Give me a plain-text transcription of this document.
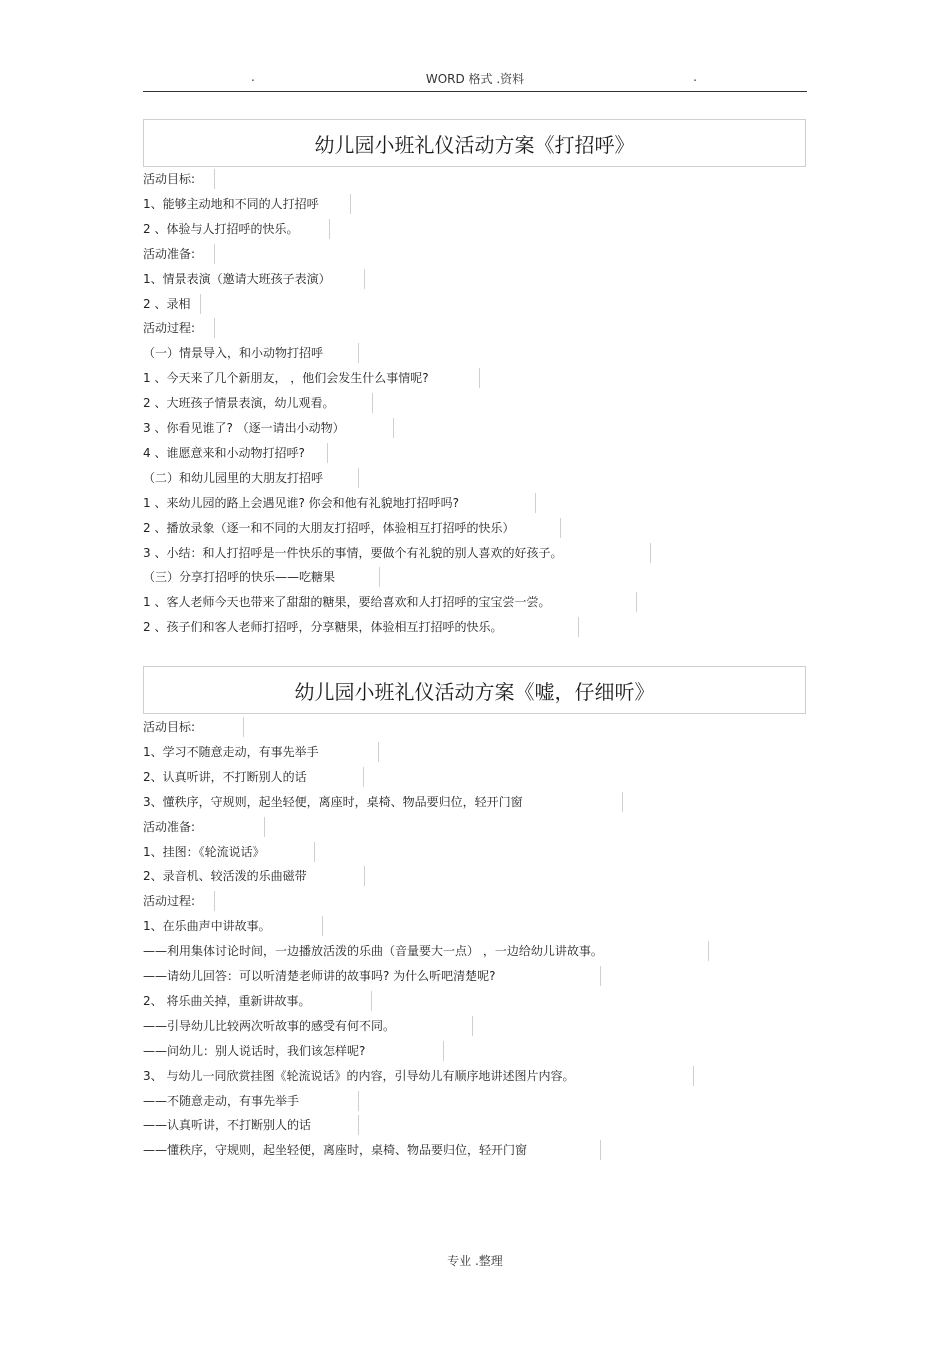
WORD 格式 .资料
.	.
幼儿园小班礼仪活动方案《打招呼》
活动目标:
1、能够主动地和不同的人打招呼
2 、体验与人打招呼的快乐。
活动准备:
1、情景表演（邀请大班孩子表演）
2 、录相
活动过程:
（一）情景导入，和小动物打招呼
1 、今天来了几个新朋友， ，他们会发生什么事情呢?
2 、大班孩子情景表演，幼儿观看。
3 、你看见谁了? （逐一请出小动物）
4 、谁愿意来和小动物打招呼?
（二）和幼儿园里的大朋友打招呼
1 、来幼儿园的路上会遇见谁? 你会和他有礼貌地打招呼吗?
2 、播放录象（逐一和不同的大朋友打招呼，体验相互打招呼的快乐）
3 、小结：和人打招呼是一件快乐的事情，要做个有礼貌的别人喜欢的好孩子。
（三）分享打招呼的快乐——吃糖果
1 、客人老师今天也带来了甜甜的糖果，要给喜欢和人打招呼的宝宝尝一尝。
2 、孩子们和客人老师打招呼，分享糖果，体验相互打招呼的快乐。
幼儿园小班礼仪活动方案《嘘，仔细听》
活动目标:
1、学习不随意走动，有事先举手
2、认真听讲，不打断别人的话
3、懂秩序，守规则，起坐轻便，离座时，桌椅、物品要归位，轻开门窗
活动准备:
1、挂图：《轮流说话》
2、录音机、较活泼的乐曲磁带
活动过程:
1、在乐曲声中讲故事。
——利用集体讨论时间，一边播放活泼的乐曲（音量要大一点） ，一边给幼儿讲故事。
——请幼儿回答：可以听清楚老师讲的故事吗? 为什么听吧清楚呢?
2、 将乐曲关掉，重新讲故事。
——引导幼儿比较两次听故事的感受有何不同。
——问幼儿：别人说话时，我们该怎样呢?
3、 与幼儿一同欣赏挂图《轮流说话》的内容，引导幼儿有顺序地讲述图片内容。
——不随意走动，有事先举手
——认真听讲，不打断别人的话
——懂秩序，守规则，起坐轻便，离座时，桌椅、物品要归位，轻开门窗
专业 .整理
